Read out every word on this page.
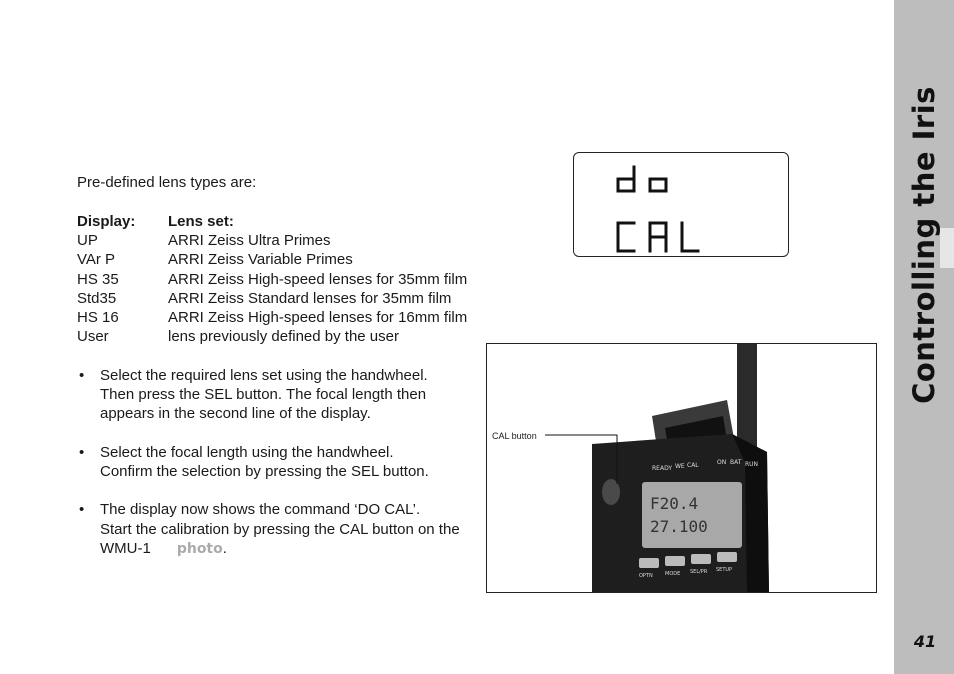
Controlling the Iris
41
Pre-defined lens types are:
Display: Lens set:
UP	ARRI Zeiss Ultra Primes
VAr P	ARRI Zeiss Variable Primes
HS 35	ARRI Zeiss High-speed lenses for 35mm film
Std35	ARRI Zeiss Standard lenses for 35mm film
HS 16	ARRI Zeiss High-speed lenses for 16mm film
User	lens previously defined by the user
• Select the required lens set using the handwheel.
Then press the SEL button. The focal length then
appears in the second line of the display.
• Select the focal length using the handwheel.
Confirm the selection by pressing the SEL button.
• The display now shows the command ‘DO CAL’.
Start the calibration by pressing the CAL button on the
WMU-1 photo.
F20.4
27.100
READY WE CAL	ON BAT RUN
OPTN MODE SEL/PR SETUP
CAL button
